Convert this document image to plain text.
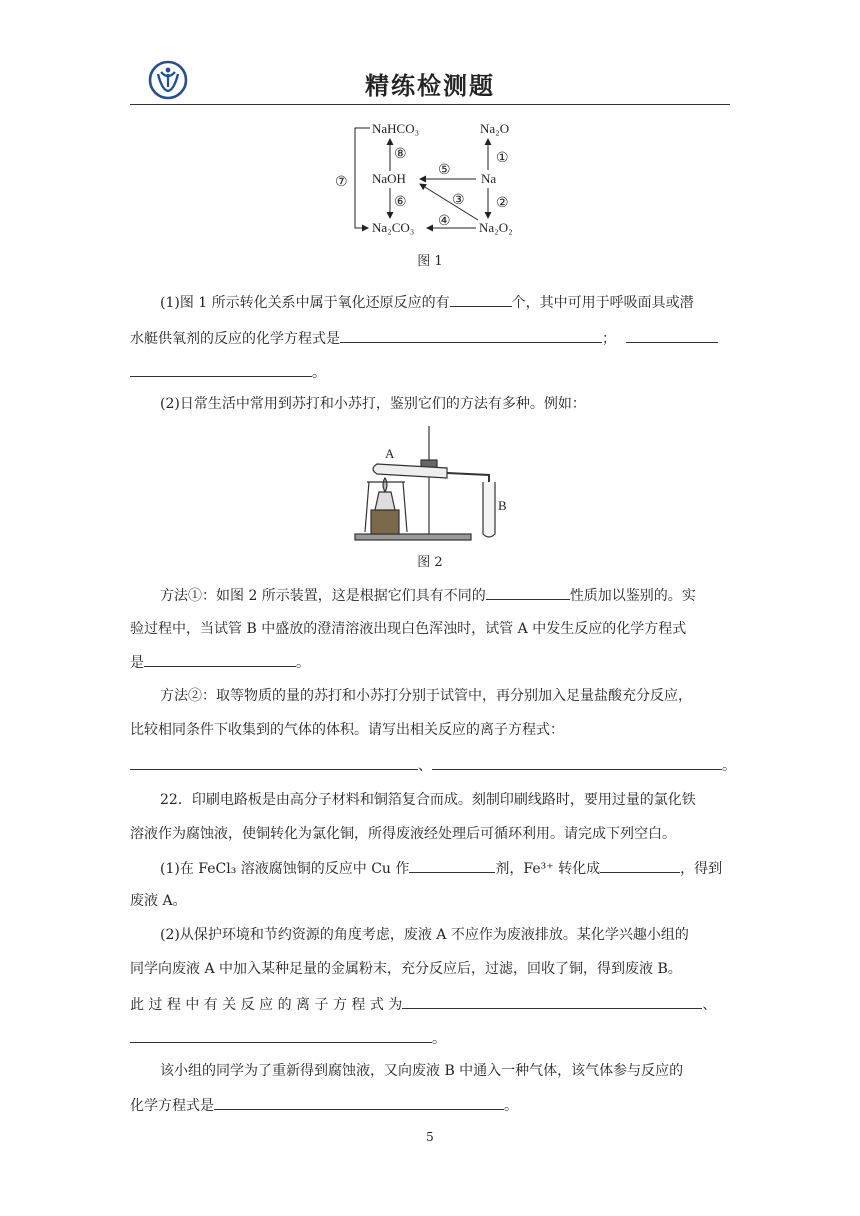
精练检测题
NaHCO₃	Na₂O
NaOH	Na
Na₂CO₃	Na₂O₂
①
②
③
④
⑤
⑥
⑦
⑧
图 1
(1)图 1 所示转化关系中属于氧化还原反应的有	个，其中可用于呼吸面具或潜
水艇供氧剂的反应的化学方程式是	；
。
(2)日常生活中常用到苏打和小苏打，鉴别它们的方法有多种。例如：
A
B
图 2
方法①：如图 2 所示装置，这是根据它们具有不同的	性质加以鉴别的。实
验过程中，当试管 B 中盛放的澄清溶液出现白色浑浊时，试管 A 中发生反应的化学方程式
是	。
方法②：取等物质的量的苏打和小苏打分别于试管中，再分别加入足量盐酸充分反应，
比较相同条件下收集到的气体的体积。请写出相关反应的离子方程式：
、	。
22．印刷电路板是由高分子材料和铜箔复合而成。刻制印刷线路时，要用过量的氯化铁
溶液作为腐蚀液，使铜转化为氯化铜，所得废液经处理后可循环利用。请完成下列空白。
(1)在 FeCl₃ 溶液腐蚀铜的反应中 Cu 作	剂，Fe³⁺ 转化成	，得到
废液 A。
(2)从保护环境和节约资源的角度考虑，废液 A 不应作为废液排放。某化学兴趣小组的
同学向废液 A 中加入某种足量的金属粉末，充分反应后，过滤，回收了铜，得到废液 B。
此 过 程 中 有 关 反 应 的 离 子 方 程 式 为	、
。
该小组的同学为了重新得到腐蚀液，又向废液 B 中通入一种气体，该气体参与反应的
化学方程式是	。
5
